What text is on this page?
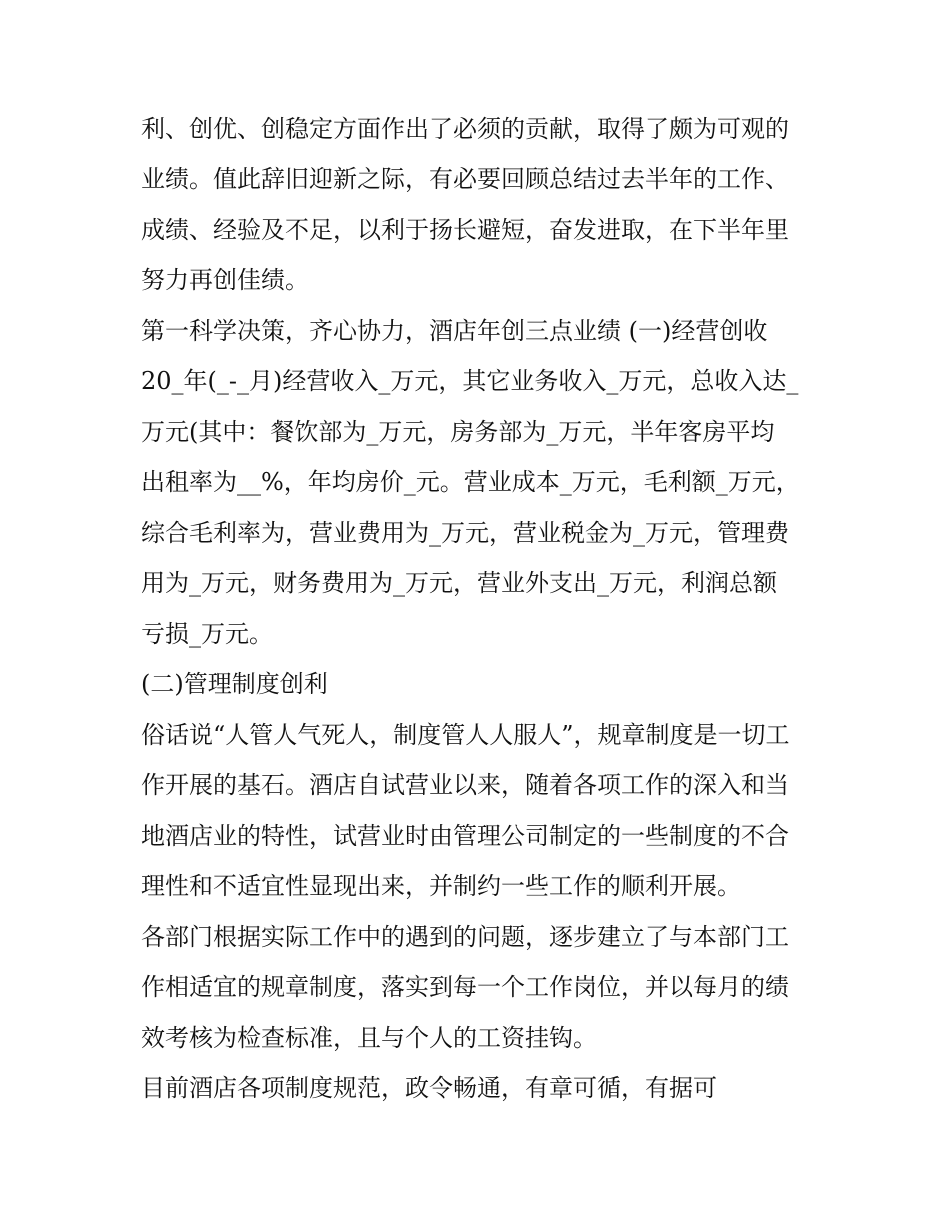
利、创优、创稳定方面作出了必须的贡献，取得了颇为可观的
业绩。值此辞旧迎新之际，有必要回顾总结过去半年的工作、
成绩、经验及不足，以利于扬长避短，奋发进取，在下半年里
努力再创佳绩。
第一科学决策，齐心协力，酒店年创三点业绩 (一)经营创收
20_年(_-_月)经营收入_万元，其它业务收入_万元，总收入达_
万元(其中：餐饮部为_万元，房务部为_万元，半年客房平均
出租率为__%，年均房价_元。营业成本_万元，毛利额_万元，
综合毛利率为，营业费用为_万元，营业税金为_万元，管理费
用为_万元，财务费用为_万元，营业外支出_万元，利润总额
亏损_万元。
(二)管理制度创利
俗话说“人管人气死人，制度管人人服人”，规章制度是一切工
作开展的基石。酒店自试营业以来，随着各项工作的深入和当
地酒店业的特性，试营业时由管理公司制定的一些制度的不合
理性和不适宜性显现出来，并制约一些工作的顺利开展。
各部门根据实际工作中的遇到的问题，逐步建立了与本部门工
作相适宜的规章制度，落实到每一个工作岗位，并以每月的绩
效考核为检查标准，且与个人的工资挂钩。
目前酒店各项制度规范，政令畅通，有章可循，有据可
